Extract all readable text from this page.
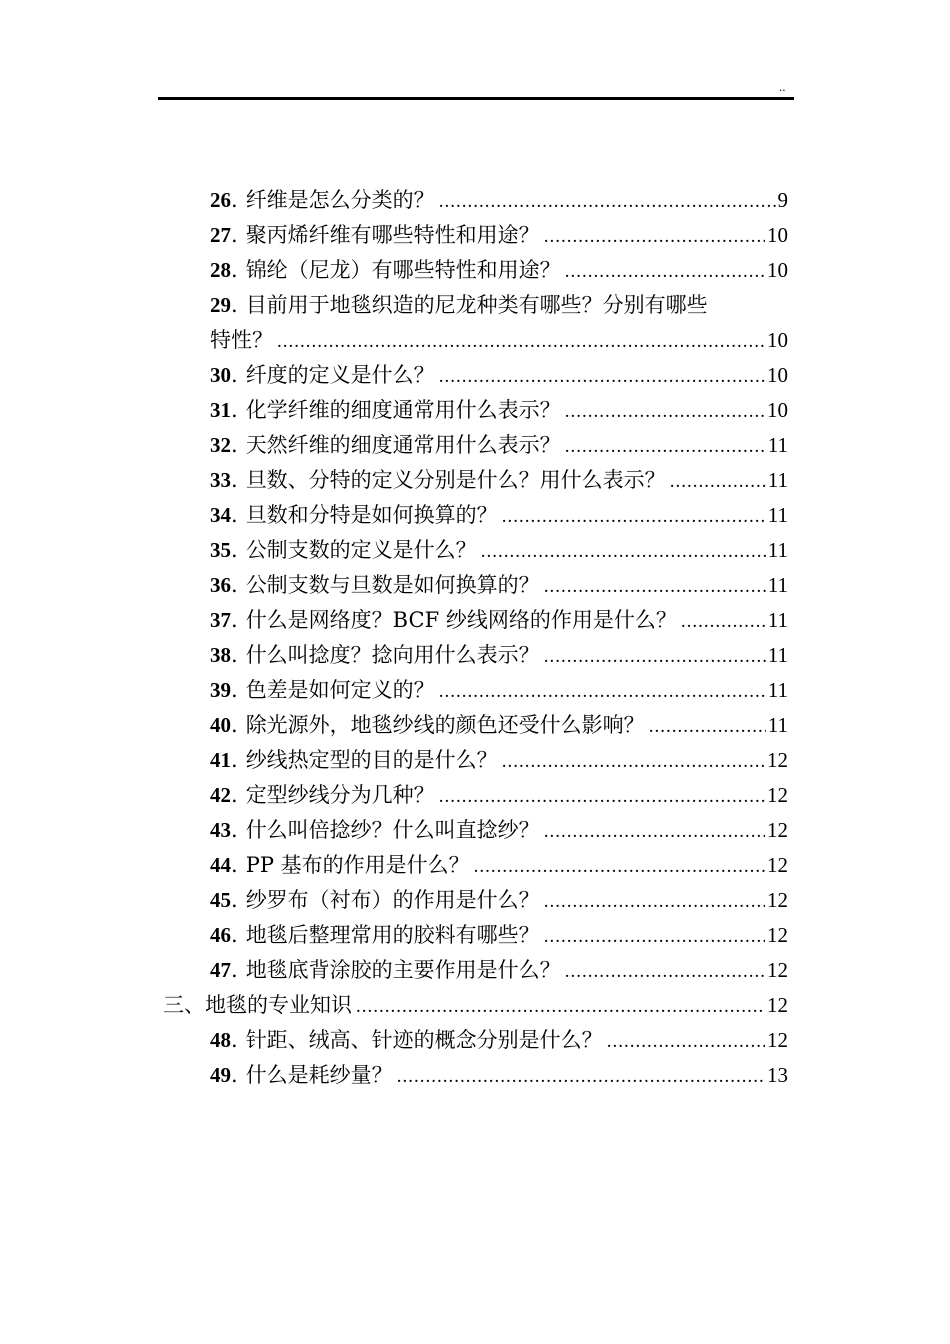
..
26 . 纤维是怎么分类的？ .....	9
27 . 聚丙烯纤维有哪些特性和用途？ .....	10
28 . 锦纶（尼龙）有哪些特性和用途？ .....	10
29 . 目前用于地毯织造的尼龙种类有哪些？分别有哪些
特性？ .....	10
30 . 纤度的定义是什么？ .....	10
31 . 化学纤维的细度通常用什么表示？ .....	10
32 . 天然纤维的细度通常用什么表示？ .....	11
33 . 旦数、分特的定义分别是什么？用什么表示？ .....	11
34 . 旦数和分特是如何换算的？ .....	11
35 . 公制支数的定义是什么？ .....	11
36 . 公制支数与旦数是如何换算的？ .....	11
37 . 什么是网络度？BCF 纱线网络的作用是什么？ .....	11
38 . 什么叫捻度？捻向用什么表示？ .....	11
39 . 色差是如何定义的？ .....	11
40 . 除光源外，地毯纱线的颜色还受什么影响？ .....	11
41 . 纱线热定型的目的是什么？ .....	12
42 . 定型纱线分为几种？ .....	12
43 . 什么叫倍捻纱？什么叫直捻纱？ .....	12
44 . PP 基布的作用是什么？ .....	12
45 . 纱罗布（衬布）的作用是什么？ .....	12
46 . 地毯后整理常用的胶料有哪些？ .....	12
47 . 地毯底背涂胶的主要作用是什么？ .....	12
三、地毯的专业知识 .....	12
48 . 针距、绒高、针迹的概念分别是什么？ .....	12
49 . 什么是耗纱量？ .....	13
